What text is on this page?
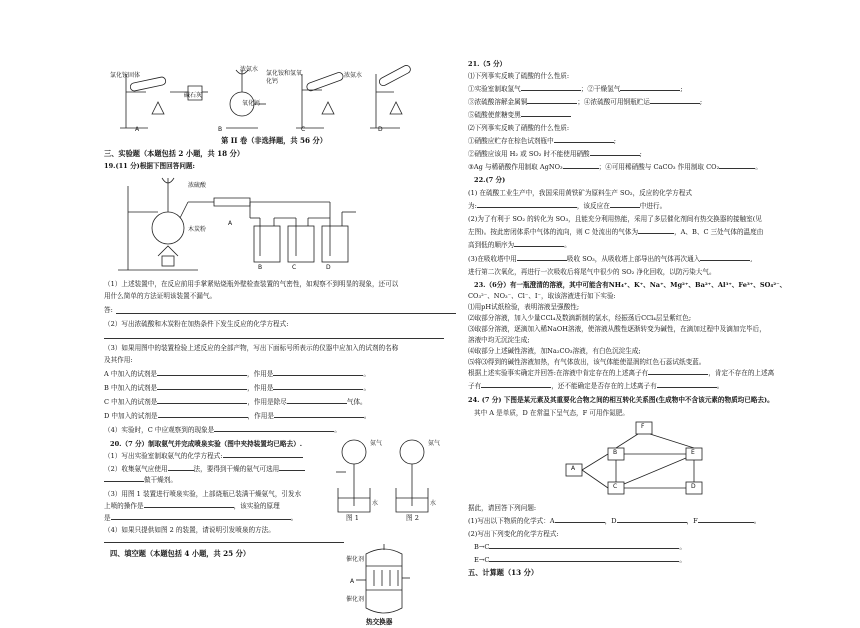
氯化铵固体
碱石灰
浓氨水
氧化钙
氯化铵和氢氧化钙
浓氨水
A	B	C	D
第 II 卷（非选择题，共 56 分）
三、实验题（本题包括 2 小题，共 18 分）
19.(11 分)根据下图回答问题:
浓硫酸
木炭粉
B	C	D
A
（1）上述装置中，在反应前用手掌紧贴烧瓶外壁检查装置的气密性，如观察不到明显的现象，还可以
用什么简单的方法证明该装置不漏气。
答:
（2）写出浓硫酸和木炭粉在加热条件下发生反应的化学方程式:
（3）如果用图中的装置检验上述反应的全部产物，写出下面标号所表示的仪器中应加入的试剂的名称
及其作用:
A 中加入的试剂是	，作用是	。
B 中加入的试剂是	，作用是	。
C 中加入的试剂是	，作用是除尽	气体。
D 中加入的试剂是	，作用是	。
（4）实验时，C 中应观察到的现象是	。
20.（7 分）制取氨气并完成喷泉实验（图中夹持装置均已略去）.
（1）写出实验室制取氨气的化学方程式:
（2）收集氨气应使用	法，要得到干燥的氨气可选用
做干燥剂。
（3）用图 1 装置进行喷泉实验，上部烧瓶已装满干燥氨气，引发水
上喷的操作是	，该实验的原理
是	。
（4）如果只提供如图 2 的装置，请说明引发喷泉的方法。
氨气	氨气
水	水
图 1	图 2
四、填空题（本题包括 4 小题，共 25 分）
催化剂
催化剂
A
热交换器
21.（5 分）
⑴下列事实反映了硫酸的什么性质:
①实验室制取氢气	；②干燥氢气	;
③浓硫酸溶解金属铜	；④浓硫酸可用钢瓶贮运	;
⑤硫酸使蔗糖变黑
⑵下列事实反映了硝酸的什么性质:
①硝酸应贮存在棕色试剂瓶中	;
②硝酸应该用 H₂ 或 SO₂ 时不能使用硝酸	;
③Ag 与稀硝酸作用制取 AgNO₃	；④可用稀硝酸与 CaCO₃ 作用制取 CO₂	。
22.(7 分)
(1) 在硫酸工业生产中，我国采用黄铁矿为原料生产 SO₂，反应的化学方程式
为:	，该反应在	中进行。
(2)为了有利于 SO₂ 的转化为 SO₃，且能充分利用热能，采用了多层催化剂间有热交换器的接触室(见
左图)。按此密闭体系中气体的流向，则 C 处流出的气体为	，A、B、C 三处气体的温度由
高到低的顺序为	。
(3)在吸收塔中用	吸收 SO₃，从吸收塔上部导出的气体再次通入	,
进行第二次氧化，再进行一次吸收后将尾气中很少的 SO₂ 净化回收，以防污染大气。
23.（6分）有一瓶澄清的溶液，其中可能含有NH₄⁺、K⁺、Na⁺、Mg²⁺、Ba²⁺、Al³⁺、Fe³⁺、SO₄²⁻、
CO₃²⁻、NO₃⁻、Cl⁻、I⁻，取该溶液进行如下实验:
⑴用pH试纸检验，表明溶液呈强酸性;
⑵取部分溶液，加入少量CCl₄及数滴新制的氯水，经振荡后CCl₄层呈紫红色;
⑶取部分溶液，逐滴加入稀NaOH溶液，使溶液从酸性逐渐转变为碱性，在滴加过程中及滴加完毕后，
溶液中均无沉淀生成;
⑷取部分上述碱性溶液，加Na₂CO₃溶液，有白色沉淀生成;
⑸将⑶得到的碱性溶液加热，有气体放出，该气体能使湿润的红色石蕊试纸变蓝。
根据上述实验事实确定并回答:在溶液中肯定存在的上述离子有	，肯定不存在的上述离
子有	，还不能确定是否存在的上述离子有	。
24. (7 分) 下图是某元素及其重要化合物之间的相互转化关系图(生成物中不含该元素的物质均已略去)。
其中 A 是单质，D 在常温下呈气态，F 可用作氮肥。
F
B	E
A
C	D
据此，请回答下列问题:
(1)写出以下物质的化学式：A	，D	，F	。
(2)写出下列变化的化学方程式:
B→C	。
E→C	。
五、计算题（13 分）
